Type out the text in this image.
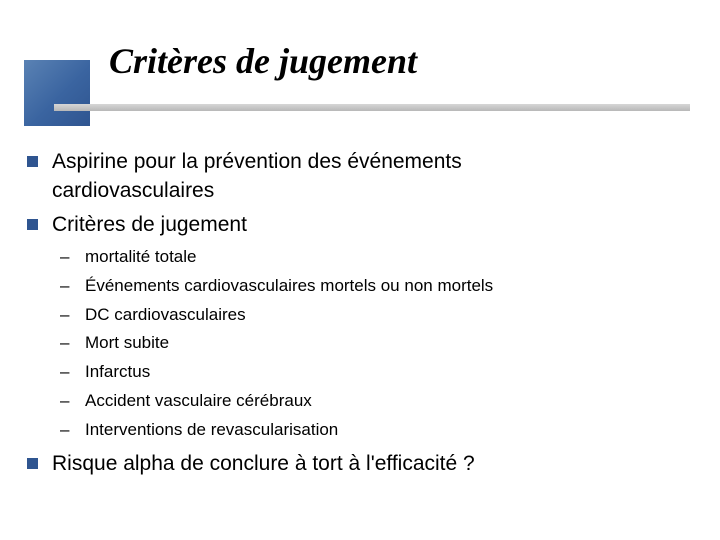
Critères de jugement
Aspirine pour la prévention des événements
cardiovasculaires
Critères de jugement
– mortalité totale
– Événements cardiovasculaires mortels ou non mortels
– DC cardiovasculaires
– Mort subite
– Infarctus
– Accident vasculaire cérébraux
– Interventions de revascularisation
Risque alpha de conclure à tort à l'efficacité ?
